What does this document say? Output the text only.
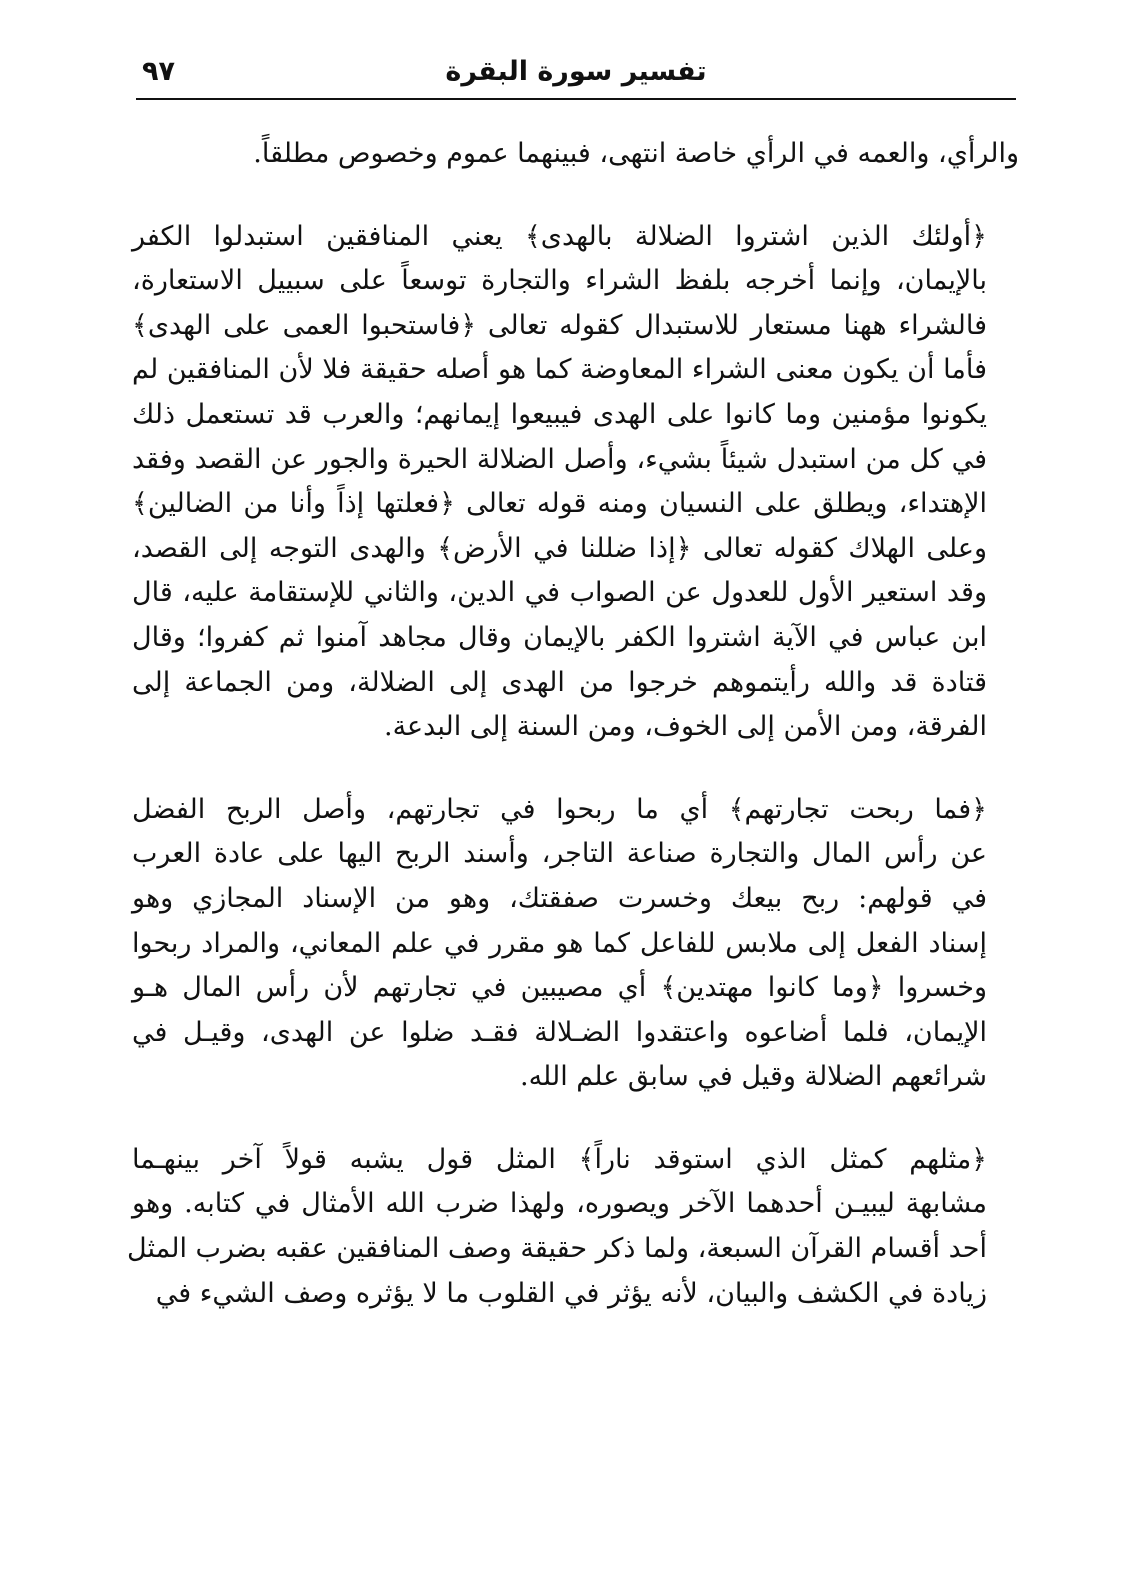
تفسير سورة البقرة
٩٧
والرأي، والعمه في الرأي خاصة انتهى، فبينهما عموم وخصوص مطلقاً.
﴿أولئك الذين اشتروا الضلالة بالهدى﴾ يعني المنافقين استبدلوا الكفر
بالإيمان، وإنما أخرجه بلفظ الشراء والتجارة توسعاً على سبييل الاستعارة،
فالشراء ههنا مستعار للاستبدال كقوله تعالى ﴿فاستحبوا العمى على الهدى﴾
فأما أن يكون معنى الشراء المعاوضة كما هو أصله حقيقة فلا لأن المنافقين لم
يكونوا مؤمنين وما كانوا على الهدى فيبيعوا إيمانهم؛ والعرب قد تستعمل ذلك
في كل من استبدل شيئاً بشيء، وأصل الضلالة الحيرة والجور عن القصد وفقد
الإهتداء، ويطلق على النسيان ومنه قوله تعالى ﴿فعلتها إذاً وأنا من الضالين﴾
وعلى الهلاك كقوله تعالى ﴿إذا ضللنا في الأرض﴾ والهدى التوجه إلى القصد،
وقد استعير الأول للعدول عن الصواب في الدين، والثاني للإستقامة عليه، قال
ابن عباس في الآية اشتروا الكفر بالإيمان وقال مجاهد آمنوا ثم كفروا؛ وقال
قتادة قد والله رأيتموهم خرجوا من الهدى إلى الضلالة، ومن الجماعة إلى
الفرقة، ومن الأمن إلى الخوف، ومن السنة إلى البدعة.
﴿فما ربحت تجارتهم﴾ أي ما ربحوا في تجارتهم، وأصل الربح الفضل
عن رأس المال والتجارة صناعة التاجر، وأسند الربح اليها على عادة العرب
في قولهم: ربح بيعك وخسرت صفقتك، وهو من الإسناد المجازي وهو
إسناد الفعل إلى ملابس للفاعل كما هو مقرر في علم المعاني، والمراد ربحوا
وخسروا ﴿وما كانوا مهتدين﴾ أي مصيبين في تجارتهم لأن رأس المال هـو
الإيمان، فلما أضاعوه واعتقدوا الضـلالة فقـد ضلوا عن الهدى، وقيـل في
شرائعهم الضلالة وقيل في سابق علم الله.
﴿مثلهم كمثل الذي استوقد ناراً﴾ المثل قول يشبه قولاً آخر بينهـما
مشابهة ليبيـن أحدهما الآخر ويصوره، ولهذا ضرب الله الأمثال في كتابه. وهو
أحد أقسام القرآن السبعة، ولما ذكر حقيقة وصف المنافقين عقبه بضرب المثل
زيادة في الكشف والبيان، لأنه يؤثر في القلوب ما لا يؤثره وصف الشيء في
